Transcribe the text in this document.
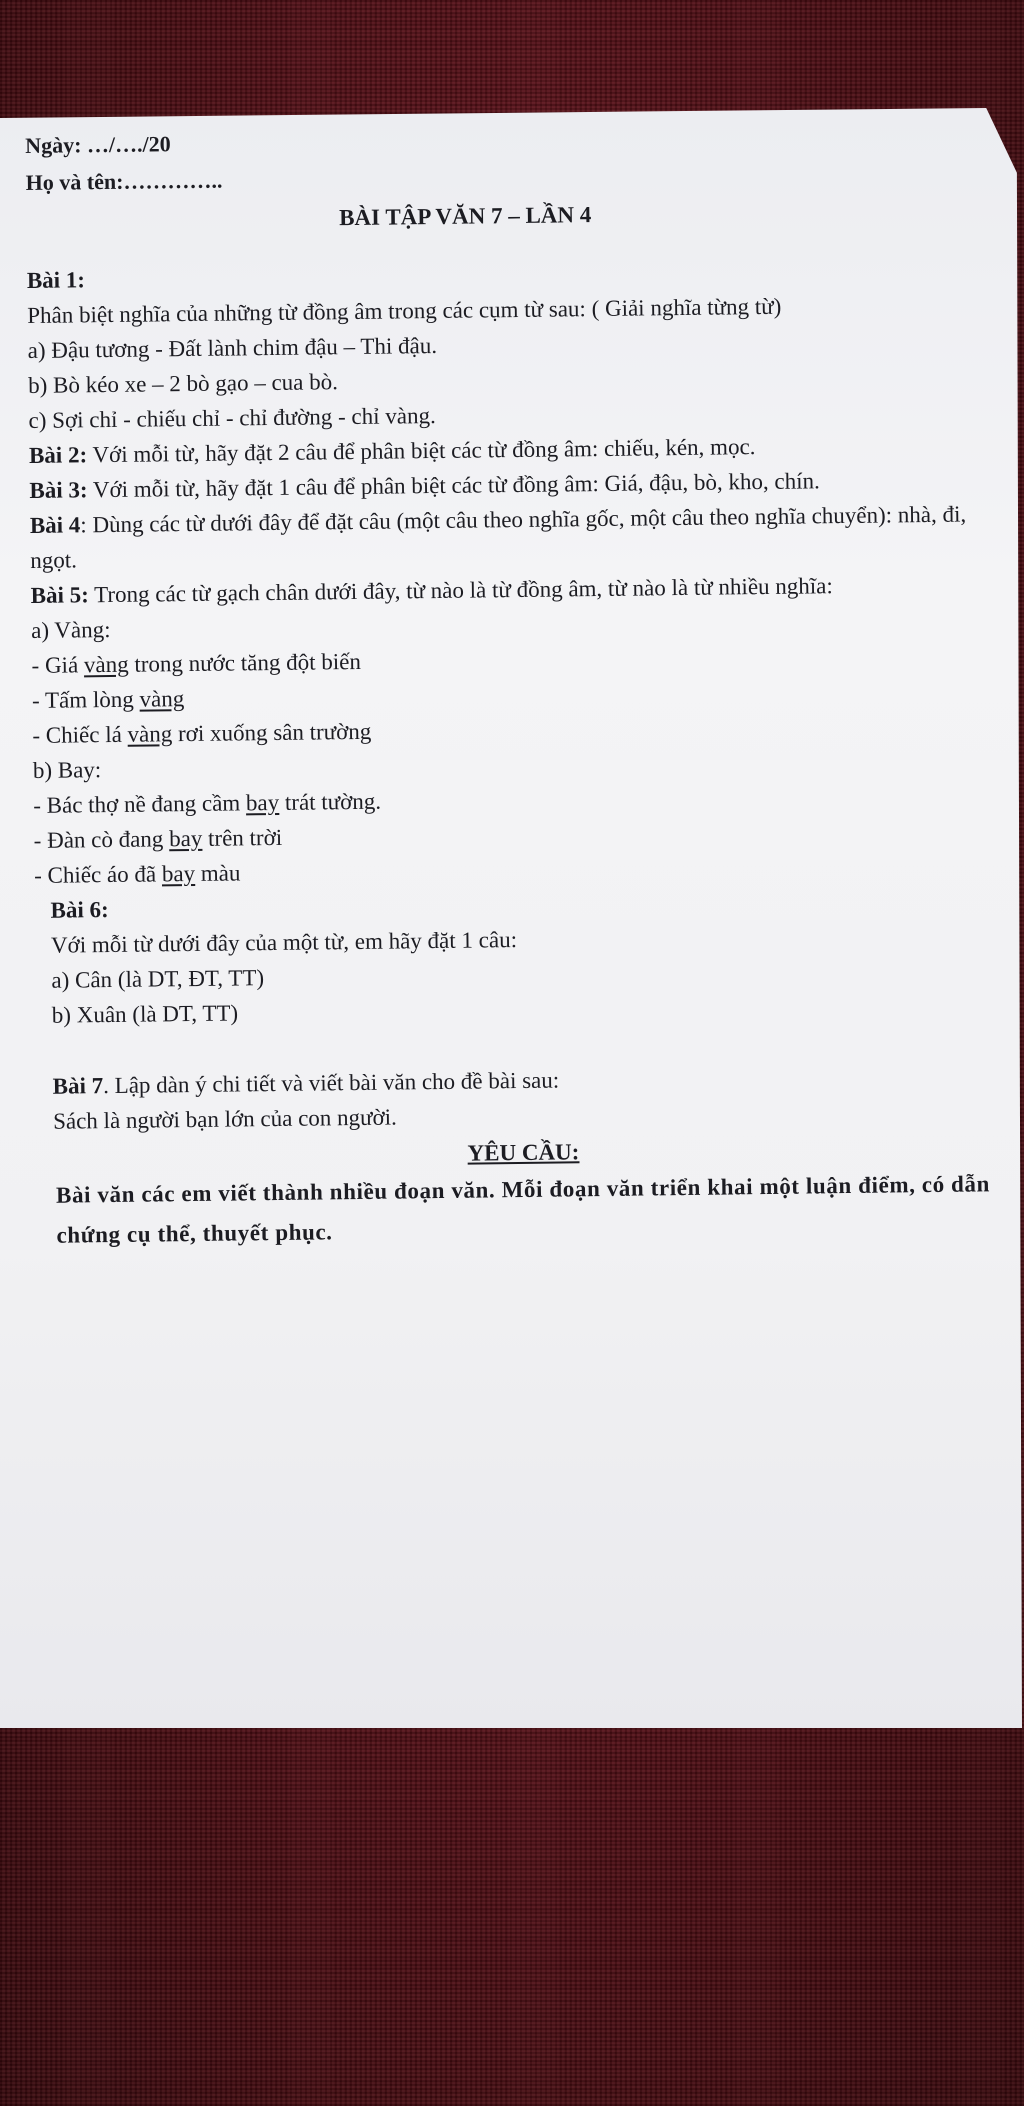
Ngày: …/…./20
Họ và tên:…………..
BÀI TẬP VĂN 7 – LẦN 4
Bài 1:
Phân biệt nghĩa của những từ đồng âm trong các cụm từ sau: ( Giải nghĩa từng từ)
a) Đậu tương - Đất lành chim đậu – Thi đậu.
b) Bò kéo xe – 2 bò gạo – cua bò.
c) Sợi chỉ - chiếu chỉ - chỉ đường - chỉ vàng.
Bài 2: Với mỗi từ, hãy đặt 2 câu để phân biệt các từ đồng âm: chiếu, kén, mọc.
Bài 3: Với mỗi từ, hãy đặt 1 câu để phân biệt các từ đồng âm: Giá, đậu, bò, kho, chín.
Bài 4: Dùng các từ dưới đây để đặt câu (một câu theo nghĩa gốc, một câu theo nghĩa chuyển): nhà, đi, ngọt.
Bài 5: Trong các từ gạch chân dưới đây, từ nào là từ đồng âm, từ nào là từ nhiều nghĩa:
a) Vàng:
- Giá vàng trong nước tăng đột biến
- Tấm lòng vàng
- Chiếc lá vàng rơi xuống sân trường
b) Bay:
- Bác thợ nề đang cầm bay trát tường.
- Đàn cò đang bay trên trời
- Chiếc áo đã bay màu
Bài 6:
Với mỗi từ dưới đây của một từ, em hãy đặt 1 câu:
a) Cân (là DT, ĐT, TT)
b) Xuân (là DT, TT)
Bài 7. Lập dàn ý chi tiết và viết bài văn cho đề bài sau:
Sách là người bạn lớn của con người.
YÊU CẦU:
Bài văn các em viết thành nhiều đoạn văn. Mỗi đoạn văn triển khai một luận điểm, có dẫn chứng cụ thể, thuyết phục.
